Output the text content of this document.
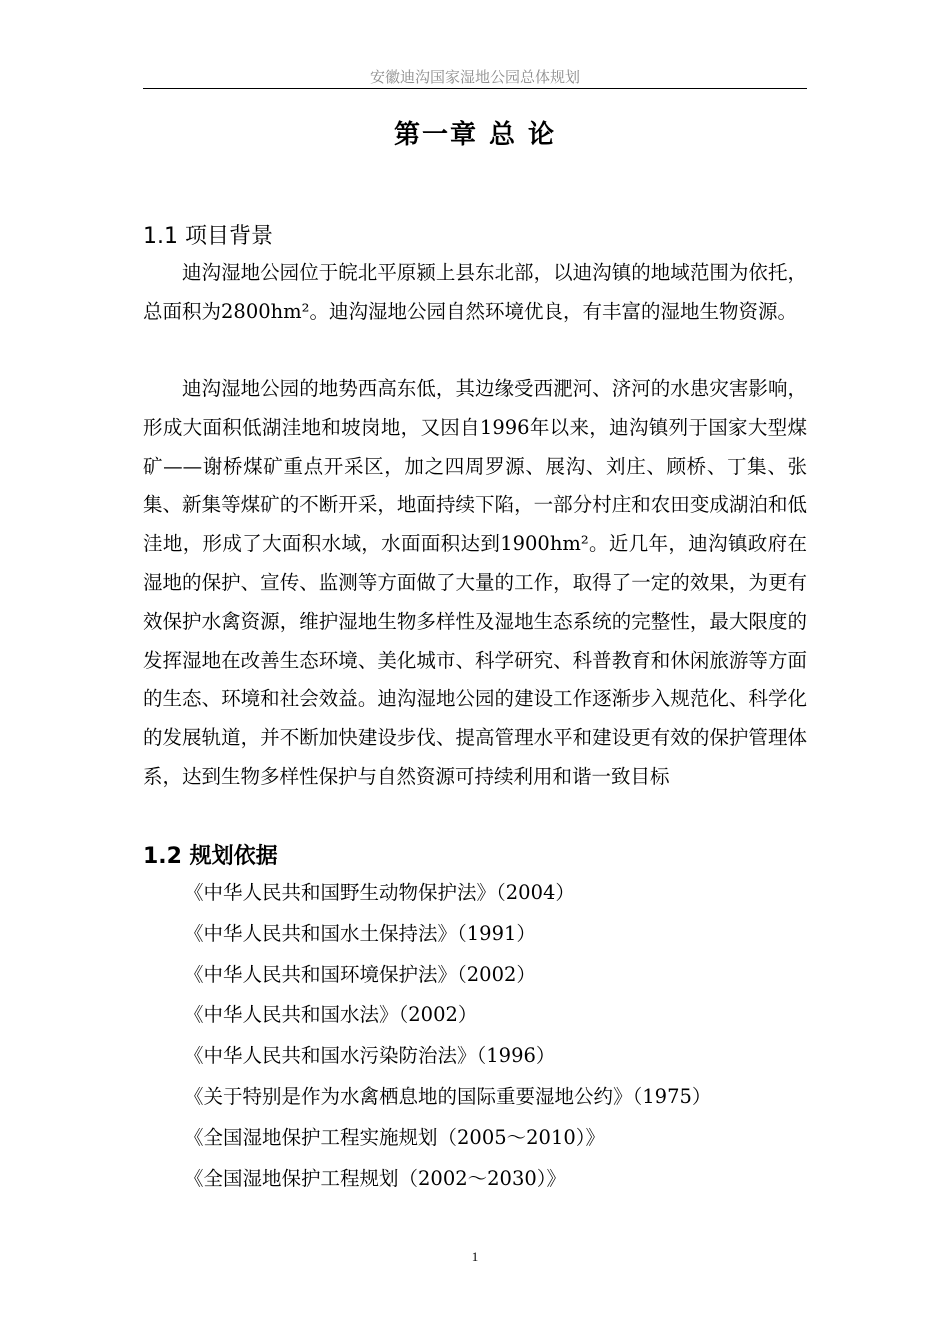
安徽迪沟国家湿地公园总体规划
第一章 总 论
1.1 项目背景

迪沟湿地公园位于皖北平原颍上县东北部，以迪沟镇的地域范围为依托，总面积为2800hm²。迪沟湿地公园自然环境优良，有丰富的湿地生物资源。

迪沟湿地公园的地势西高东低，其边缘受西淝河、济河的水患灾害影响，形成大面积低湖洼地和坡岗地，又因自1996年以来，迪沟镇列于国家大型煤矿——谢桥煤矿重点开采区，加之四周罗源、展沟、刘庄、顾桥、丁集、张集、新集等煤矿的不断开采，地面持续下陷，一部分村庄和农田变成湖泊和低洼地，形成了大面积水域，水面面积达到1900hm²。近几年，迪沟镇政府在湿地的保护、宣传、监测等方面做了大量的工作，取得了一定的效果，为更有效保护水禽资源，维护湿地生物多样性及湿地生态系统的完整性，最大限度的发挥湿地在改善生态环境、美化城市、科学研究、科普教育和休闲旅游等方面的生态、环境和社会效益。迪沟湿地公园的建设工作逐渐步入规范化、科学化的发展轨道，并不断加快建设步伐、提高管理水平和建设更有效的保护管理体系，达到生物多样性保护与自然资源可持续利用和谐一致目标

1.2 规划依据
《中华人民共和国野生动物保护法》（2004）
《中华人民共和国水土保持法》（1991）
《中华人民共和国环境保护法》（2002）
《中华人民共和国水法》（2002）
《中华人民共和国水污染防治法》（1996）
《关于特别是作为水禽栖息地的国际重要湿地公约》（1975）
《全国湿地保护工程实施规划（2005～2010）》
《全国湿地保护工程规划（2002～2030）》
1
